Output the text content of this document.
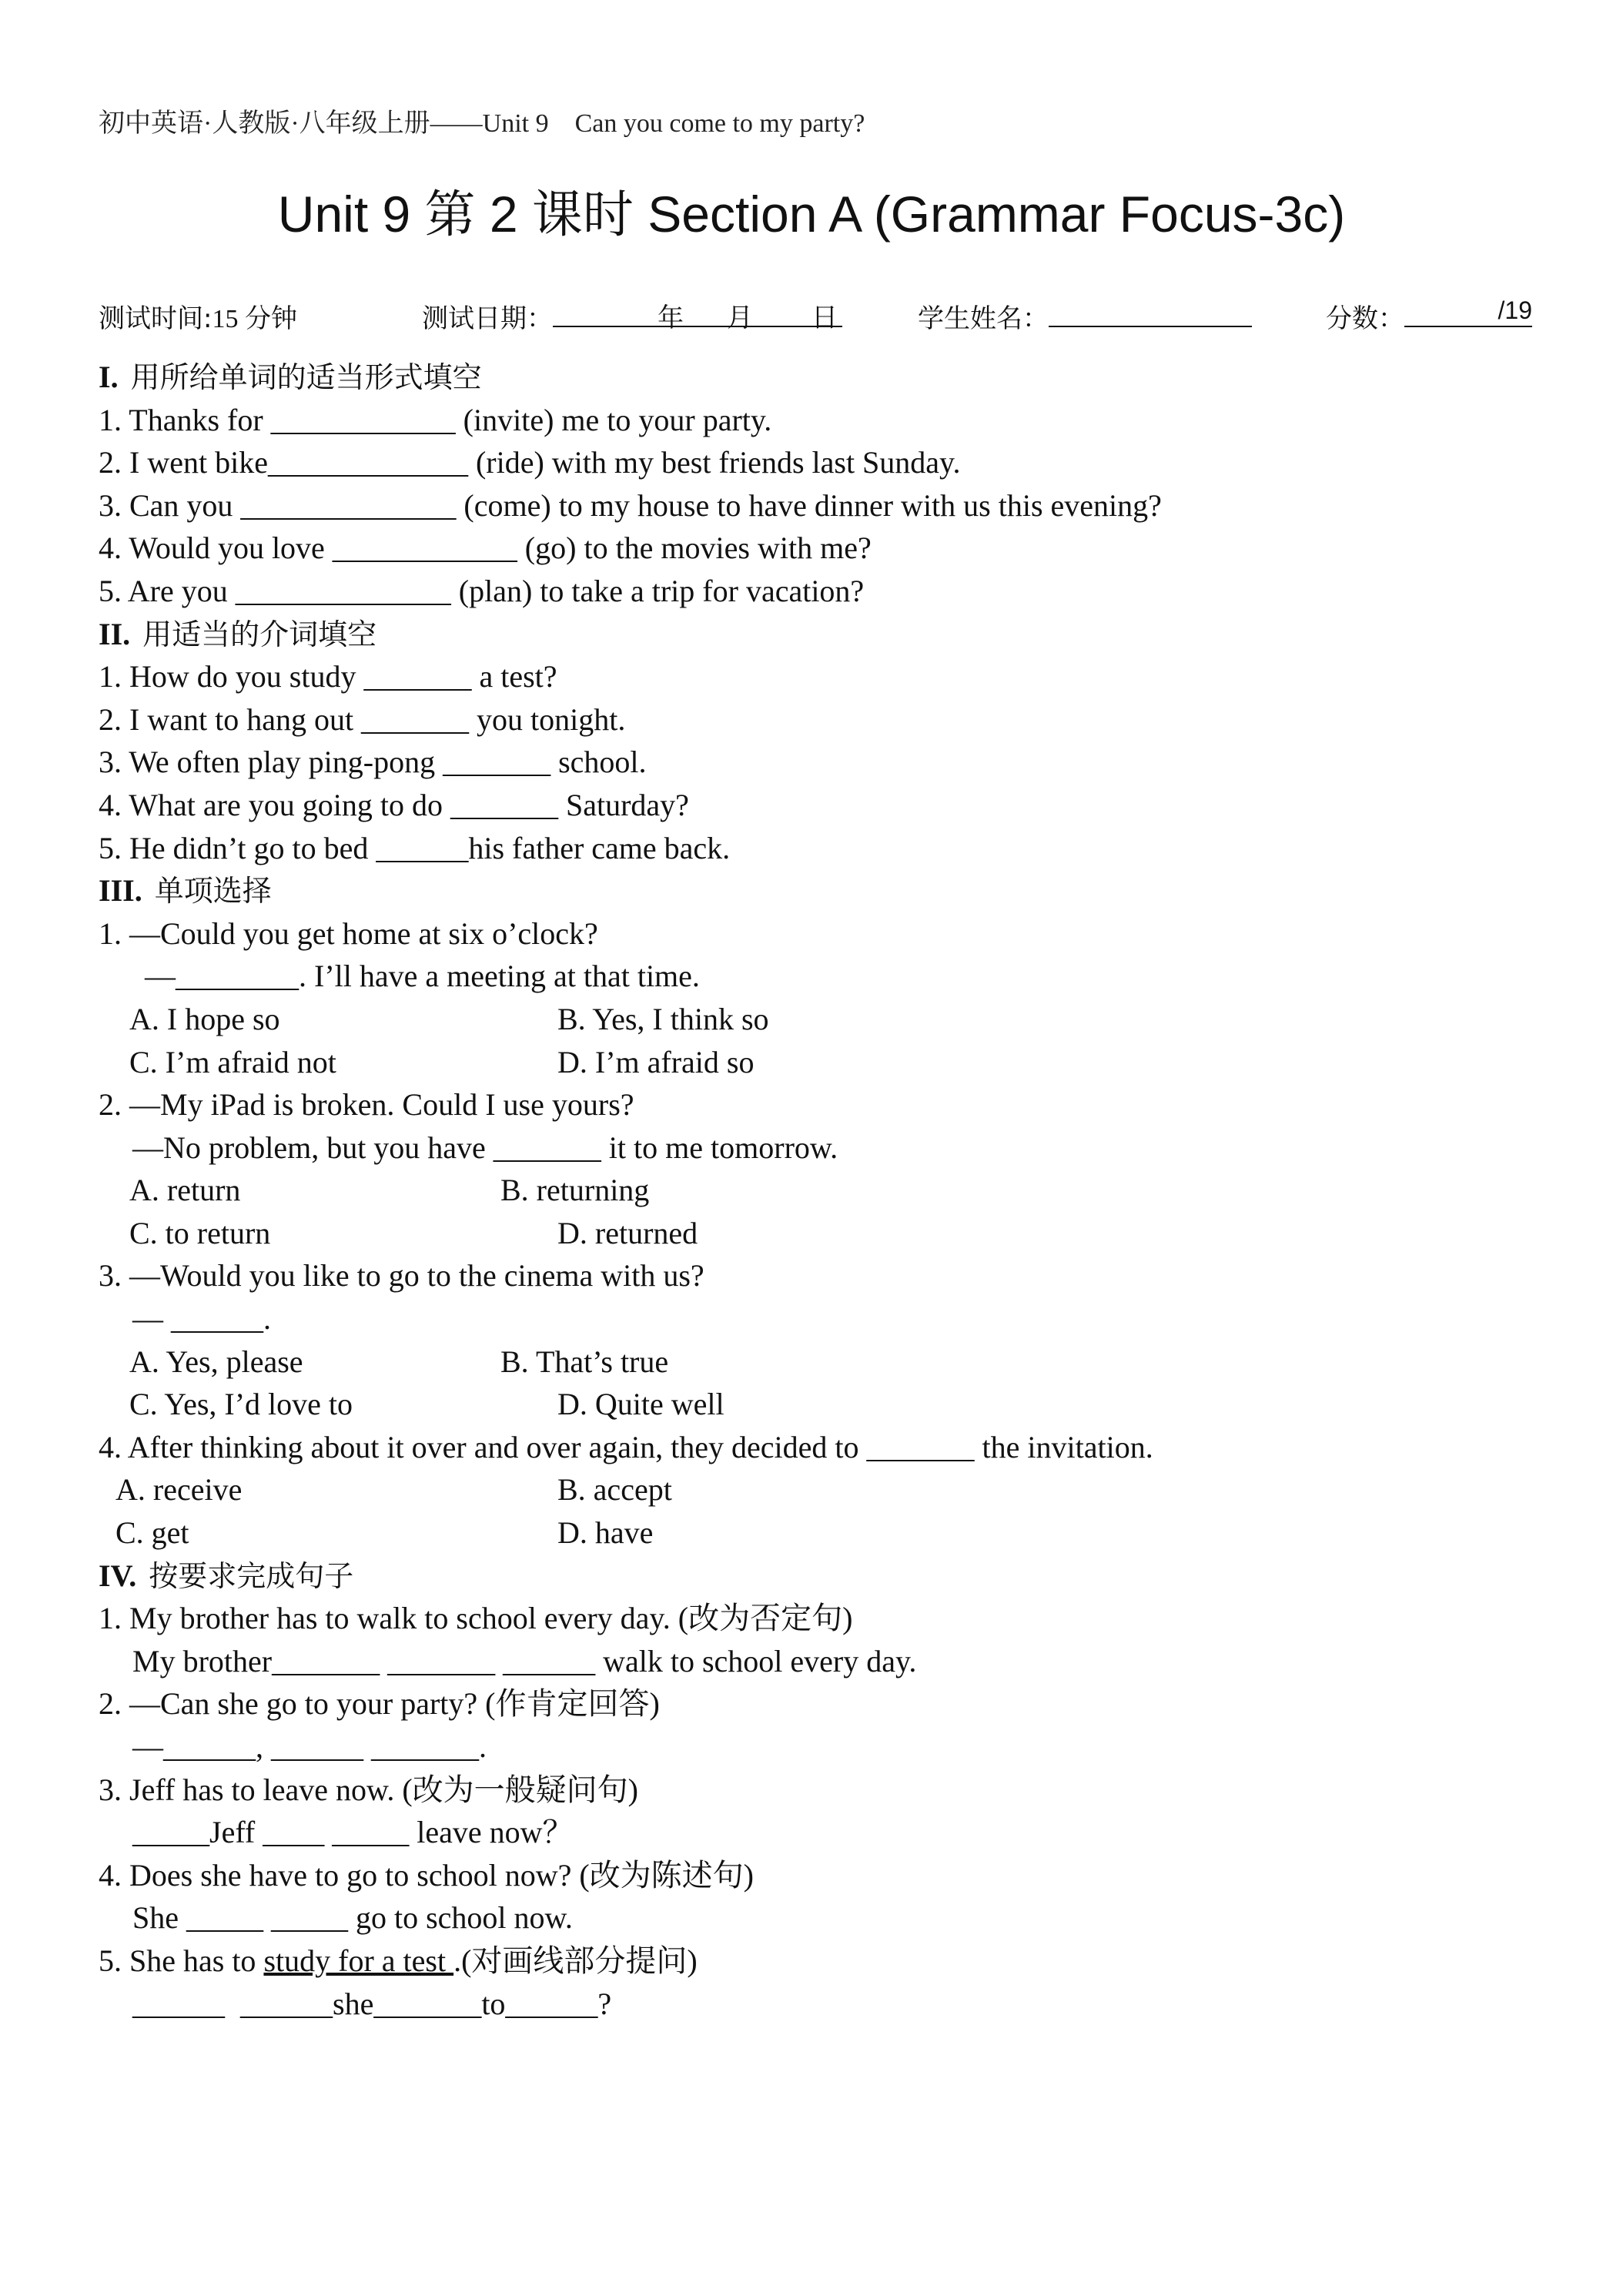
初中英语·人教版·八年级上册——Unit 9　Can you come to my party?
Unit 9 第 2 课时 Section A (Grammar Focus-3c)
测试时间:15 分钟	测试日期：	年 月 日	学生姓名：	分数：	/19
I. 用所给单词的适当形式填空
1. Thanks for ____________ (invite) me to your party.
2. I went bike_____________ (ride) with my best friends last Sunday.
3. Can you ______________ (come) to my house to have dinner with us this evening?
4. Would you love ____________ (go) to the movies with me?
5. Are you ______________ (plan) to take a trip for vacation?
II. 用适当的介词填空
1. How do you study _______ a test?
2. I want to hang out _______ you tonight.
3. We often play ping-pong _______ school.
4. What are you going to do _______ Saturday?
5. He didn’t go to bed ______his father came back.
III. 单项选择
1. —Could you get home at six o’clock?
—________. I’ll have a meeting at that time.
A. I hope so	B. Yes, I think so
C. I’m afraid not	D. I’m afraid so
2. —My iPad is broken. Could I use yours?
—No problem, but you have _______ it to me tomorrow.
A. return	B. returning
C. to return	D. returned
3. —Would you like to go to the cinema with us?
— ______.
A. Yes, please	B. That’s true
C. Yes, I’d love to	D. Quite well
4. After thinking about it over and over again, they decided to _______ the invitation.
A. receive	B. accept
C. get	D. have
IV. 按要求完成句子
1. My brother has to walk to school every day. (改为否定句)
My brother_______ _______ ______ walk to school every day.
2. —Can she go to your party? (作肯定回答)
—______, ______ _______.
3. Jeff has to leave now. (改为一般疑问句)
_____Jeff ____ _____ leave now？
4. Does she have to go to school now? (改为陈述句)
She _____ _____ go to school now.
5. She has to study for a test .(对画线部分提问)
______  ______she_______to______?
